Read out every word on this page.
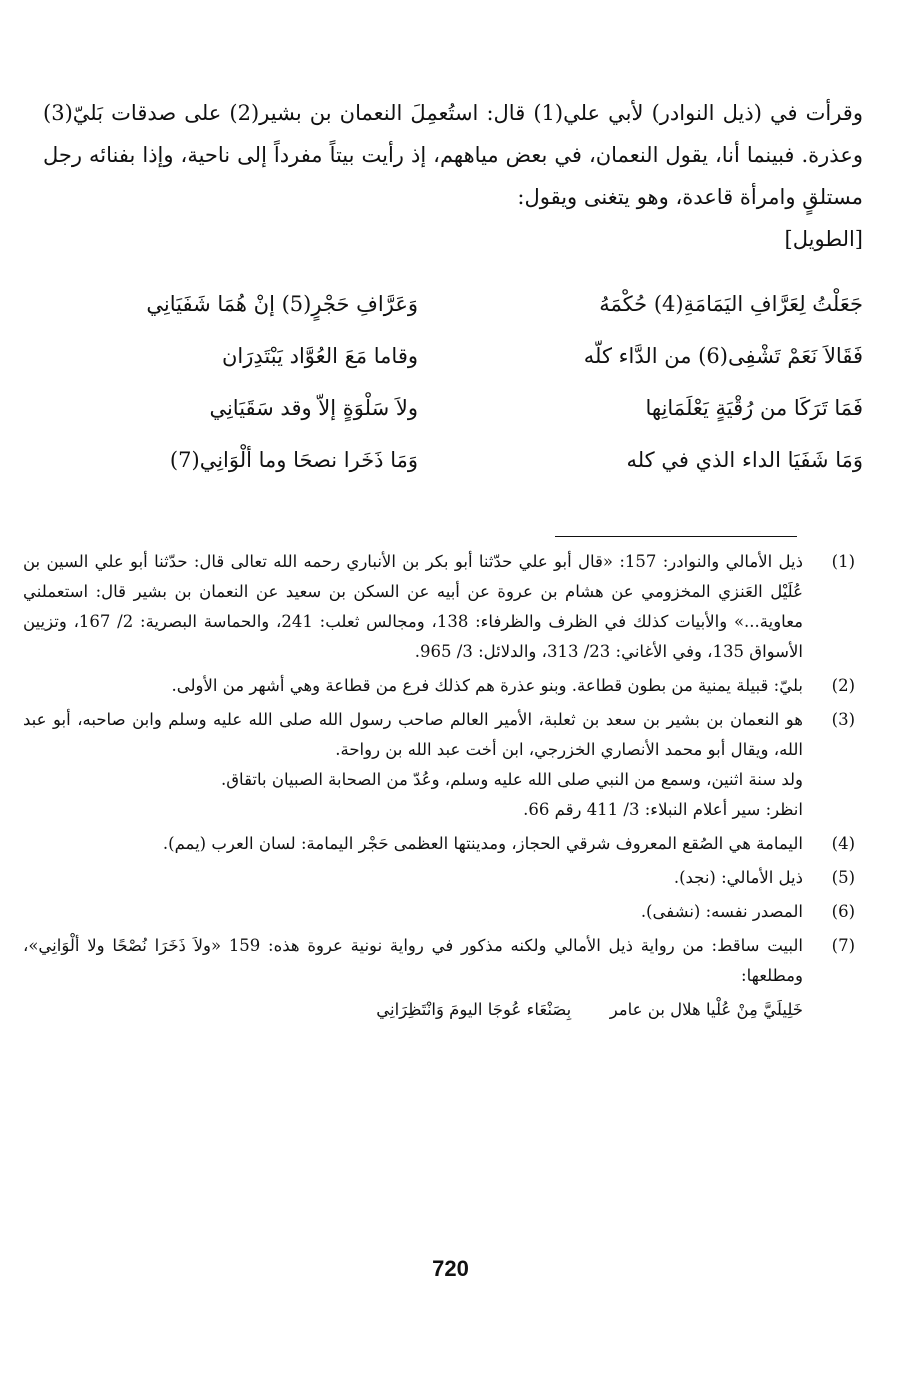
وقرأت في (ذيل النوادر) لأبي علي(1) قال: استُعمِلَ النعمان بن بشير(2) على صدقات بَليّ(3) وعذرة. فبينما أنا، يقول النعمان، في بعض مياههم، إذ رأيت بيتاً مفرداً إلى ناحية، وإذا بفنائه رجل مستلقٍ وامرأة قاعدة، وهو يتغنى ويقول:

[الطويل]
جَعَلْتُ لِعَرَّافِ اليَمَامَةِ(4) حُكْمَهُ
وَعَرَّافِ حَجْرٍ(5) إنْ هُمَا شَفَيَانِي
فَقَالاَ نَعَمْ تَشْفِى(6) من الدَّاء كلّه
وقاما مَعَ العُوَّاد يَبْتَدِرَان
فَمَا تَرَكَا من رُقْيَةٍ يَعْلَمَانِها
ولاَ سَلْوَةٍ إلاّ وقد سَقَيَانِي
وَمَا شَفَيَا الداء الذي في كله
وَمَا ذَخَرا نصحَا وما ألْوَانِي(7)
(1)

ذيل الأمالي والنوادر: 157: «قال أبو علي حدّثنا أبو بكر بن الأنباري رحمه الله تعالى قال: حدّثنا أبو علي السين بن عُلَيْل العَنزي المخزومي عن هشام بن عروة عن أبيه عن السكن بن سعيد عن النعمان بن بشير قال: استعملني معاوية...» والأبيات كذلك في الظرف والظرفاء: 138، ومجالس ثعلب: 241، والحماسة البصرية: 2/ 167، وتزيين الأسواق 135، وفي الأغاني: 23/ 313، والدلائل: 3/ 965.

(2)

بليّ: قبيلة يمنية من بطون قطاعة. وبنو عذرة هم كذلك فرع من قطاعة وهي أشهر من الأولى.

(3)

هو النعمان بن بشير بن سعد بن ثعلبة، الأمير العالم صاحب رسول الله صلى الله عليه وسلم وابن صاحبه، أبو عبد الله، ويقال أبو محمد الأنصاري الخزرجي، ابن أخت عبد الله بن رواحة.

ولد سنة اثنين، وسمع من النبي صلى الله عليه وسلم، وعُدّ من الصحابة الصبيان باتقاق.

انظر: سير أعلام النبلاء: 3/ 411 رقم 66.

(4)

اليمامة هي الصُقع المعروف شرقي الحجاز، ومدينتها العظمى حَجْر اليمامة: لسان العرب (يمم).

(5)

ذيل الأمالي: (نجد).

(6)

المصدر نفسه: (نشفى).

(7)

البيت ساقط: من رواية ذيل الأمالي ولكنه مذكور في رواية نونية عروة هذه: 159 «ولاَ ذَخَرَا نُصْحًا ولا ألْوَانِي»، ومطلعها:

خَلِيلَيَّ مِنْ عُلْيا هلال بن عامر  بِصَنْعَاء عُوجَا اليومَ وَانْتَظِرَانِي
720
